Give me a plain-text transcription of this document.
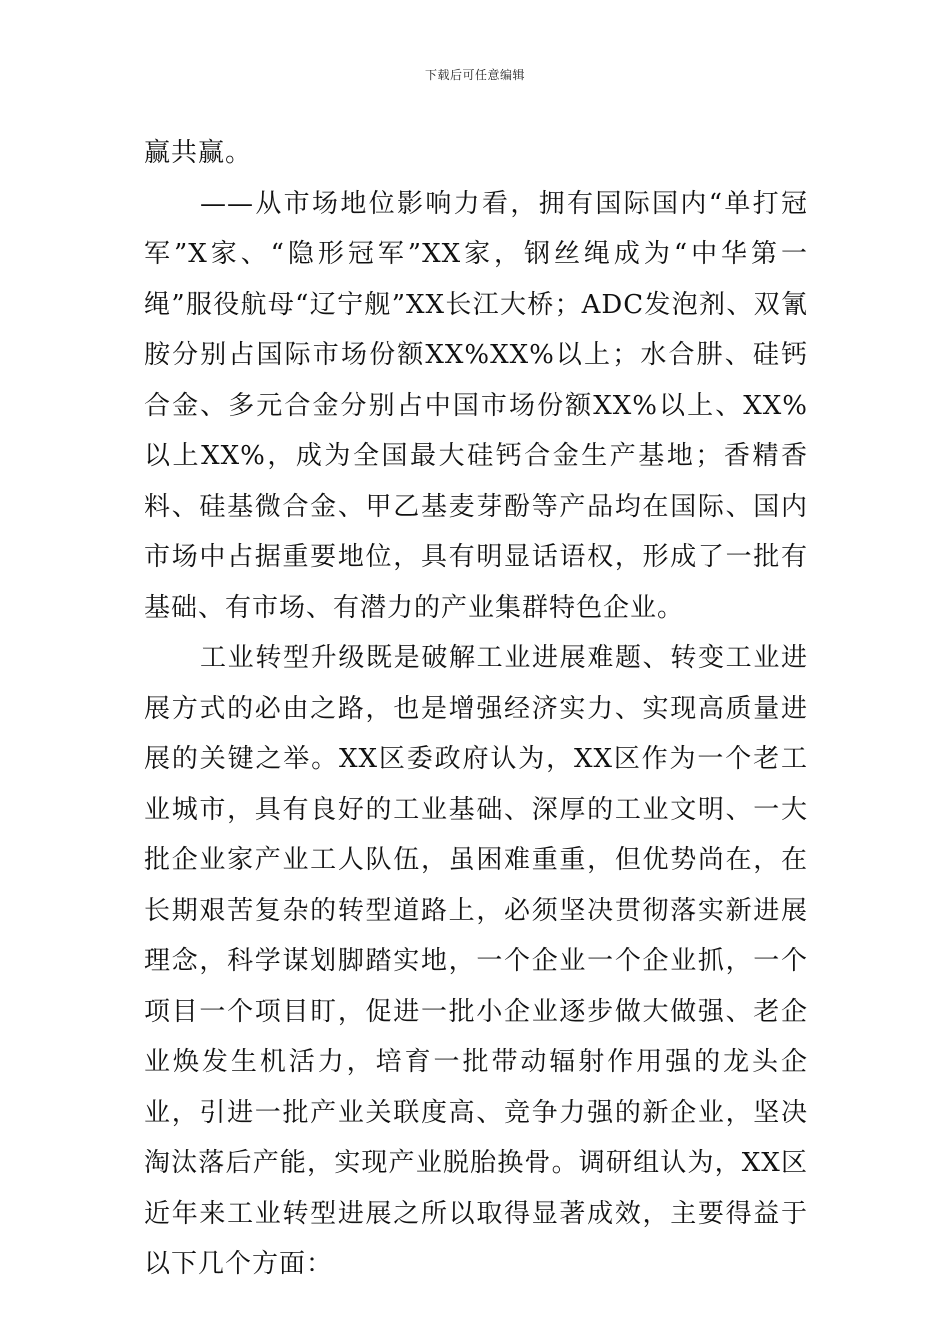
下载后可任意编辑

赢共赢。

——从市场地位影响力看，拥有国际国内“单打冠军”X家、“隐形冠军”XX家，钢丝绳成为“中华第一绳”服役航母“辽宁舰”XX长江大桥；ADC发泡剂、双氰胺分别占国际市场份额XX%XX%以上；水合肼、硅钙合金、多元合金分别占中国市场份额XX%以上、XX%以上XX%，成为全国最大硅钙合金生产基地；香精香料、硅基微合金、甲乙基麦芽酚等产品均在国际、国内市场中占据重要地位，具有明显话语权，形成了一批有基础、有市场、有潜力的产业集群特色企业。

工业转型升级既是破解工业进展难题、转变工业进展方式的必由之路，也是增强经济实力、实现高质量进展的关键之举。XX区委政府认为，XX区作为一个老工业城市，具有良好的工业基础、深厚的工业文明、一大批企业家产业工人队伍，虽困难重重，但优势尚在，在长期艰苦复杂的转型道路上，必须坚决贯彻落实新进展理念，科学谋划脚踏实地，一个企业一个企业抓，一个项目一个项目盯，促进一批小企业逐步做大做强、老企业焕发生机活力，培育一批带动辐射作用强的龙头企业，引进一批产业关联度高、竞争力强的新企业，坚决淘汰落后产能，实现产业脱胎换骨。调研组认为，XX区近年来工业转型进展之所以取得显著成效，主要得益于以下几个方面：
